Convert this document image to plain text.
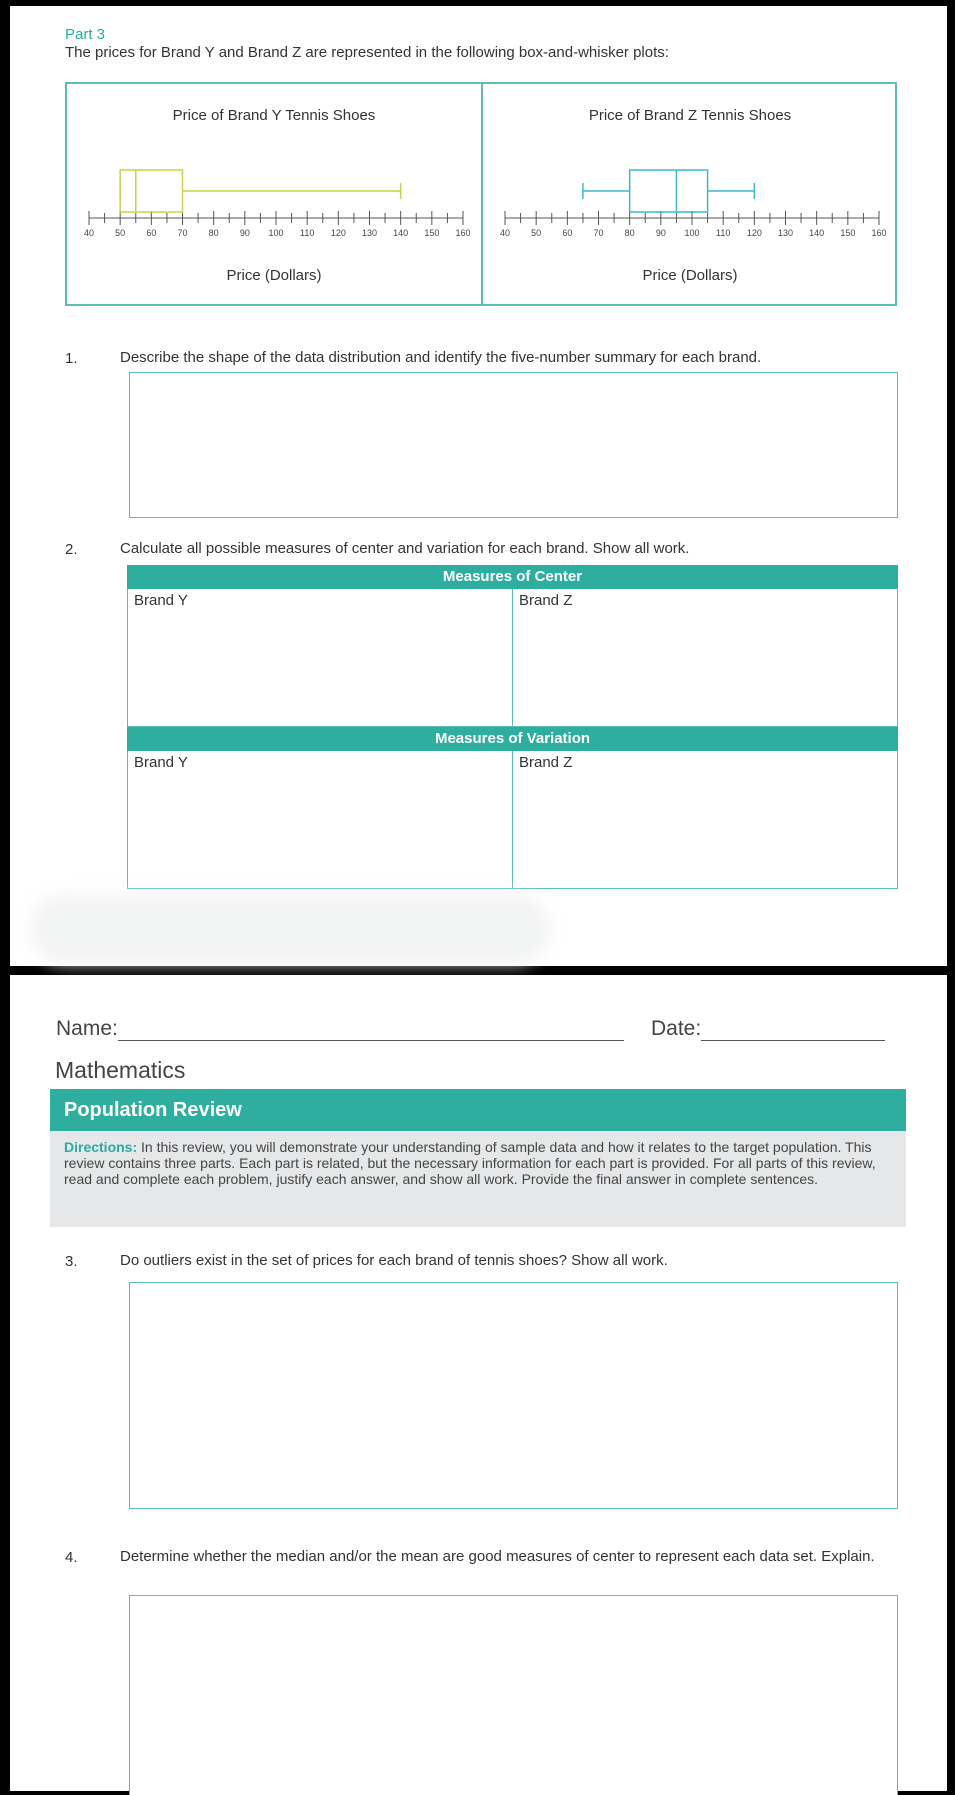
Part 3
The prices for Brand Y and Brand Z are represented in the following box-and-whisker plots:
Price of Brand Y Tennis Shoes
40 50 60 70 80 90 100 110 120 130 140 150 160
Price (Dollars)
Price of Brand Z Tennis Shoes
40 50 60 70 80 90 100 110 120 130 140 150 160
Price (Dollars)
1.	Describe the shape of the data distribution and identify the five-number summary for each brand.
2.	Calculate all possible measures of center and variation for each brand. Show all work.
Measures of Center
Brand Y	Brand Z
Measures of Variation
Brand Y	Brand Z
Name:	Date:
Mathematics
Population Review
Directions: In this review, you will demonstrate your understanding of sample data and how it relates to the target population. This review contains three parts. Each part is related, but the necessary information for each part is provided. For all parts of this review, read and complete each problem, justify each answer, and show all work. Provide the final answer in complete sentences.
3.	Do outliers exist in the set of prices for each brand of tennis shoes? Show all work.
4.	Determine whether the median and/or the mean are good measures of center to represent each data set. Explain.
